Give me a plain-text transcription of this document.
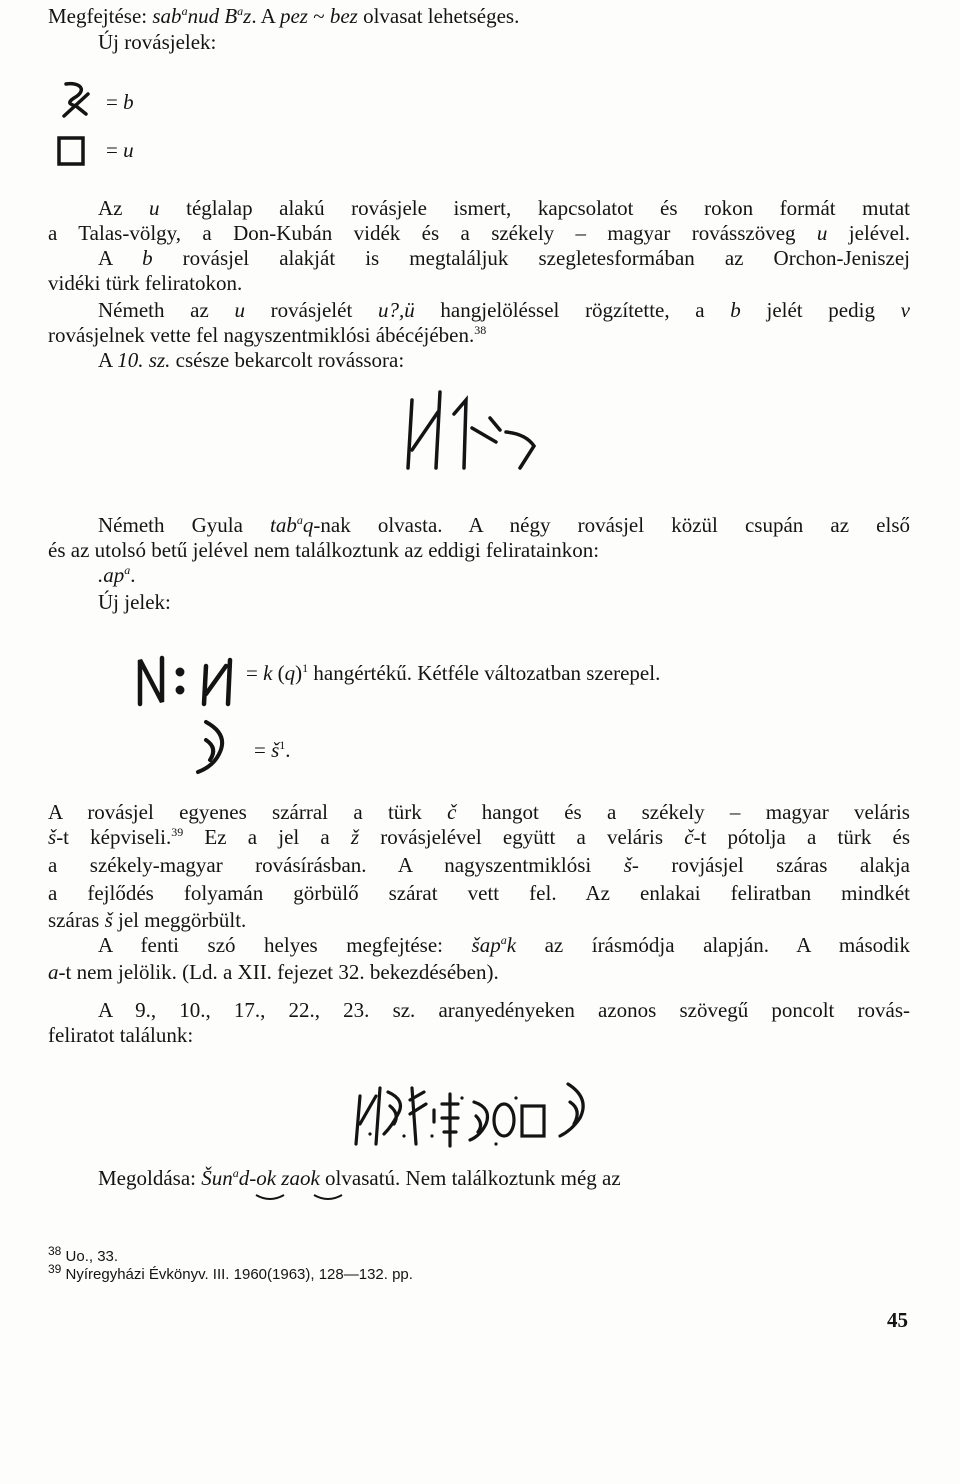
Megfejtése: sab$^a$nud $B^az$. A pez ~ bez olvasat lehetséges.
Új rovásjelek:
= b
= u
Az u téglalap alakú rovásjele ismert, kapcsolatot és rokon formát mutat
a Talas-völgy, a Don-Kubán vidék és a székely – magyar rovásszöveg u jelével.
A b rovásjel alakját is megtaláljuk szegletesformában az Orchon-Jeniszej
vidéki türk feliratokon.
Németh az u rovásjelét u?,ü hangjelöléssel rögzítette, a b jelét pedig v
rovásjelnek vette fel nagyszentmiklósi ábécéjében.$^{38}$
A 10. sz. csésze bekarcolt rovássora:
Németh Gyula tab$^a$q-nak olvasta. A négy rovásjel közül csupán az első
és az utolsó betű jelével nem találkoztunk az eddigi feliratainkon:
$.ap^a$.
Új jelek:
= k $(q)^1$ hangértékű. Kétféle változatban szerepel.
= $š^1$.
A rovásjel egyenes szárral a türk č hangot és a székely – magyar veláris
š-t képviseli.$^{39}$ Ez a jel a ž rovásjelével együtt a veláris č-t pótolja a türk és
a székely-magyar rovásírásban. A nagyszentmiklósi š- rovjásjel száras alakja
a fejlődés folyamán görbülő szárat vett fel. Az enlakai feliratban mindkét
száras š jel meggörbült.
A fenti szó helyes megfejtése: šap$^a$k az írásmódja alapján. A második
a-t nem jelölik. (Ld. a XII. fejezet 32. bekezdésében).
A 9., 10., 17., 22., 23. sz. aranyedényeken azonos szövegű poncolt rovás-
feliratot találunk:
Megoldása: Šun$^a$d-ok zaok olvasatú. Nem találkoztunk még az
$^{38}$ Uo., 33.
$^{39}$ Nyíregyházi Évkönyv. III. 1960(1963), 128—132. pp.
45
